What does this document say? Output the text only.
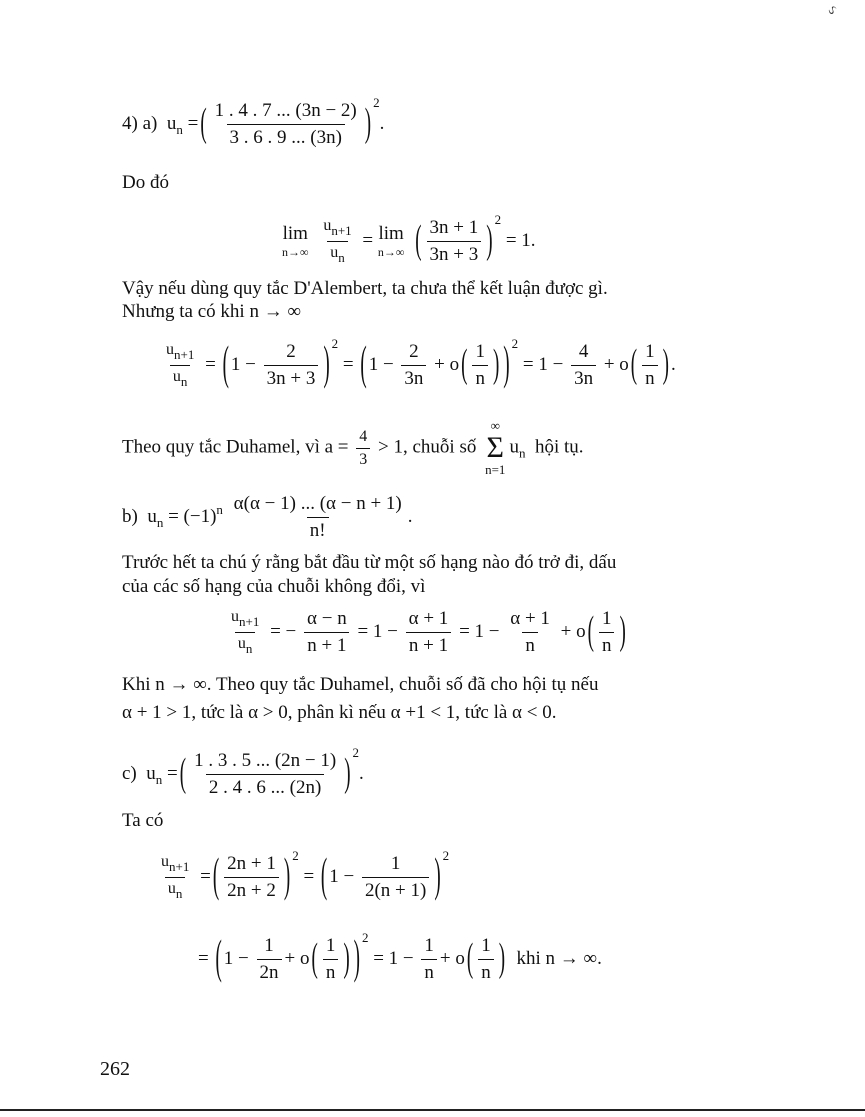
ઽ
4) a) $u_n$ = ( $\frac{1 . 4 . 7 ... (3n - 2)}{3 . 6 . 9 ... (3n)}$ ) $^2$.
Do đó
lim
n→∞
$\frac{u_{n+1}}{u_n} = \lim$
n→∞ ( $\frac{3n + 1}{3n + 3}$ ) $^2$ = 1.
Vậy nếu dùng quy tắc D'Alembert, ta chưa thể kết luận được gì.
Nhưng ta có khi n → ∞
$\frac{u_{n+1}}{u_n}$ = ( $1 - \frac{2}{3n + 3}$ ) $^2$ = ( $1 - \frac{2}{3n} + o$ ( $\frac{1}{n}$ ) ) $^2 = 1 - \frac{4}{3n} + o$ ( $\frac{1}{n}$ ) .
Theo quy tắc Duhamel, vì $a = \frac{4}{3} > 1$, chuỗi số
∞
Σ
n=1
$u_n$ hội tụ.
b)  $u_n = (-1)^n \frac{\alpha(\alpha - 1) ... (\alpha - n + 1)}{n!}$ .
Trước hết ta chú ý rằng bắt đầu từ một số hạng nào đó trở đi, dấu
của các số hạng của chuỗi không đổi, vì
$\frac{u_{n+1}}{u_n}$ = − $\frac{\alpha - n}{n + 1} = 1 - \frac{\alpha + 1}{n + 1} = 1 - \frac{\alpha + 1}{n} + o$ ( $\frac{1}{n}$ )
Khi n → ∞. Theo quy tắc Duhamel, chuỗi số đã cho hội tụ nếu
α + 1 > 1, tức là α > 0, phân kì nếu α +1 < 1, tức là α < 0.
c)  $u_n$ = ( $\frac{1 . 3 . 5 ... (2n - 1)}{2 . 4 . 6 ... (2n)}$ ) $^2$.
Ta có
$\frac{u_{n+1}}{u_n}$ = ( $\frac{2n + 1}{2n + 2}$ ) $^2$ = ( $1 - \frac{1}{2(n + 1)}$ ) $^2$
= ( $1 - \frac{1}{2n} + o$ ( $\frac{1}{n}$ ) ) $^2 = 1 - \frac{1}{n} + o$ ( $\frac{1}{n}$ ) khi n → ∞.
262
